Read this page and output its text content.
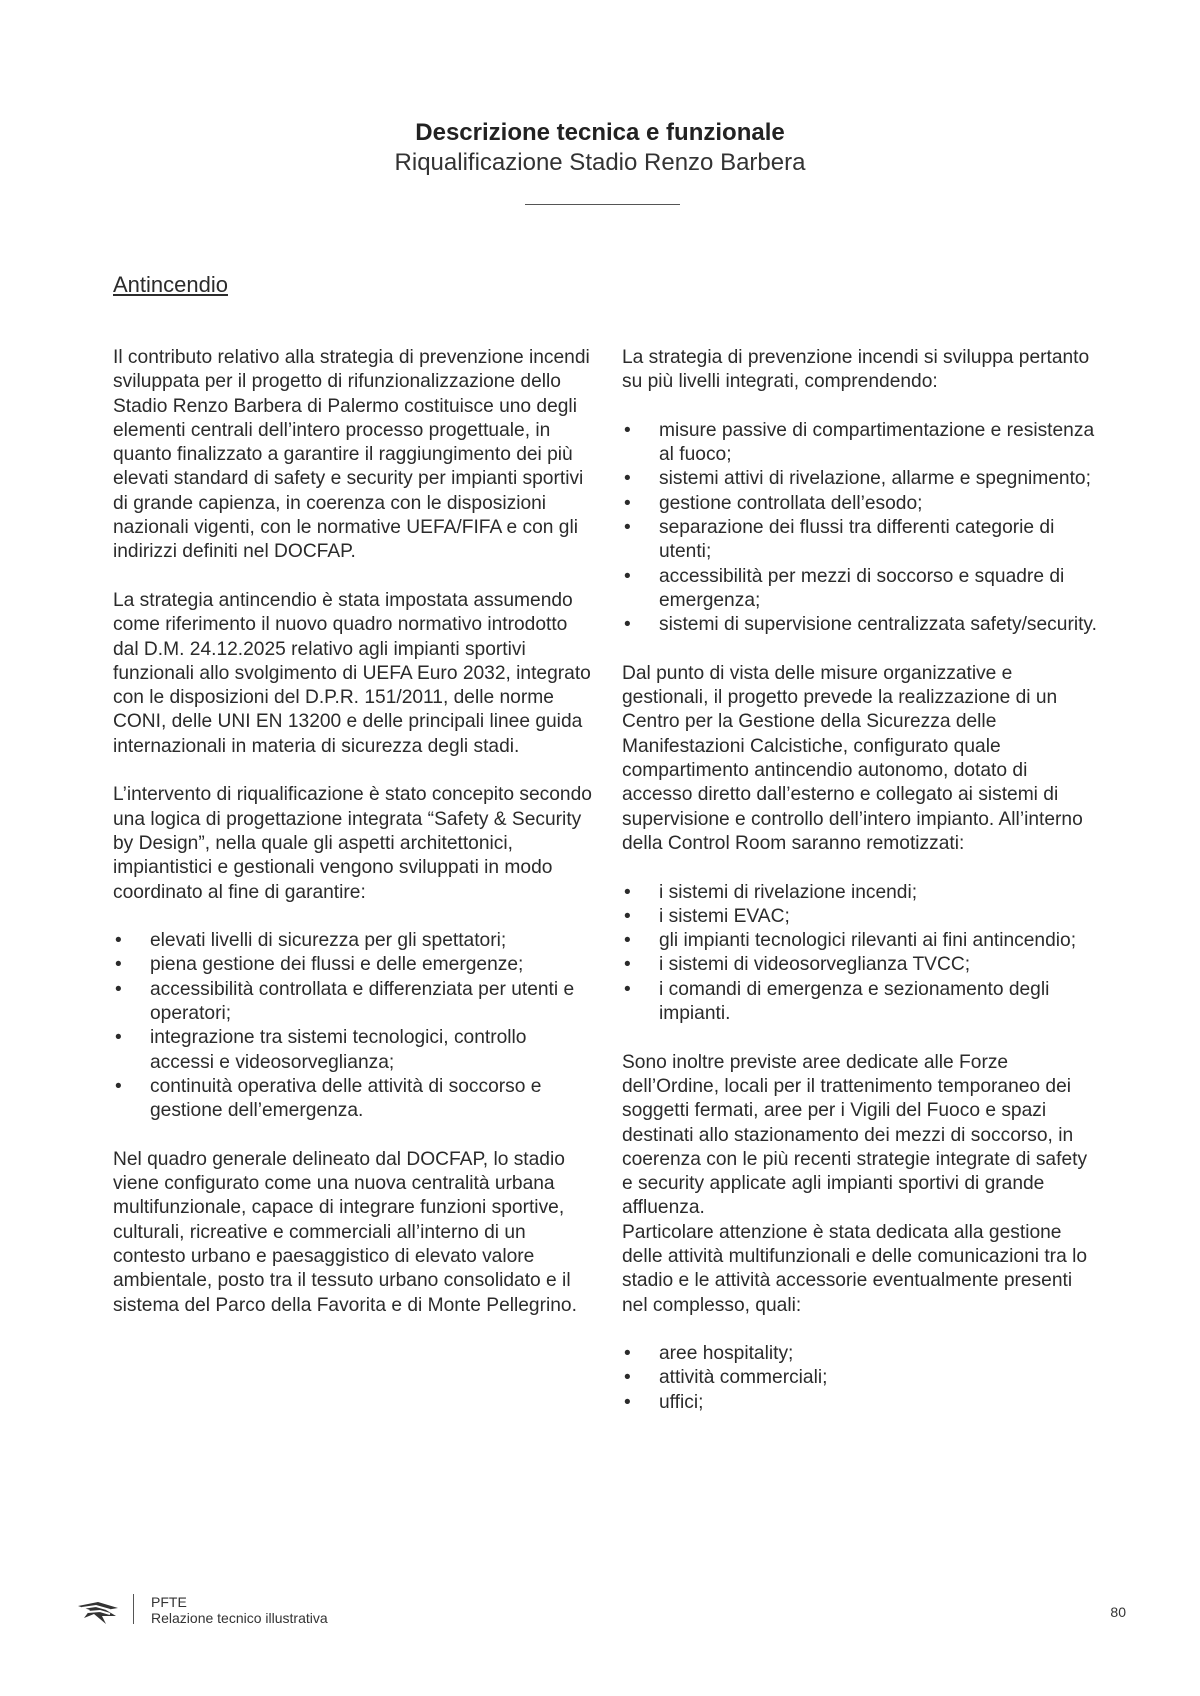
Descrizione tecnica e funzionale
Riqualificazione Stadio Renzo Barbera
Antincendio

Il contributo relativo alla strategia di prevenzione incendi sviluppata per il progetto di rifunzionalizzazione dello Stadio Renzo Barbera di Palermo costituisce uno degli elementi centrali dell’intero processo progettuale, in quanto finalizzato a garantire il raggiungimento dei più elevati standard di safety e security per impianti sportivi di grande capienza, in coerenza con le disposizioni nazionali vigenti, con le normative UEFA/FIFA e con gli indirizzi definiti nel DOCFAP.

La strategia antincendio è stata impostata assumendo come riferimento il nuovo quadro normativo introdotto dal D.M. 24.12.2025 relativo agli impianti sportivi funzionali allo svolgimento di UEFA Euro 2032, integrato con le disposizioni del D.P.R. 151/2011, delle norme CONI, delle UNI EN 13200 e delle principali linee guida internazionali in materia di sicurezza degli stadi.

L’intervento di riqualificazione è stato concepito secondo una logica di progettazione integrata “Safety & Security by Design”, nella quale gli aspetti architettonici, impiantistici e gestionali vengono sviluppati in modo coordinato al fine di garantire:

• elevati livelli di sicurezza per gli spettatori;
• piena gestione dei flussi e delle emergenze;
• accessibilità controllata e differenziata per utenti e operatori;
• integrazione tra sistemi tecnologici, controllo accessi e videosorveglianza;
• continuità operativa delle attività di soccorso e gestione dell’emergenza.

Nel quadro generale delineato dal DOCFAP, lo stadio viene configurato come una nuova centralità urbana multifunzionale, capace di integrare funzioni sportive, culturali, ricreative e commerciali all’interno di un contesto urbano e paesaggistico di elevato valore ambientale, posto tra il tessuto urbano consolidato e il sistema del Parco della Favorita e di Monte Pellegrino.

La strategia di prevenzione incendi si sviluppa pertanto su più livelli integrati, comprendendo:

• misure passive di compartimentazione e resistenza al fuoco;
• sistemi attivi di rivelazione, allarme e spegnimento;
• gestione controllata dell’esodo;
• separazione dei flussi tra differenti categorie di utenti;
• accessibilità per mezzi di soccorso e squadre di emergenza;
• sistemi di supervisione centralizzata safety/security.

Dal punto di vista delle misure organizzative e gestionali, il progetto prevede la realizzazione di un Centro per la Gestione della Sicurezza delle Manifestazioni Calcistiche, configurato quale compartimento antincendio autonomo, dotato di accesso diretto dall’esterno e collegato ai sistemi di supervisione e controllo dell’intero impianto. All’interno della Control Room saranno remotizzati:

• i sistemi di rivelazione incendi;
• i sistemi EVAC;
• gli impianti tecnologici rilevanti ai fini antincendio;
• i sistemi di videosorveglianza TVCC;
• i comandi di emergenza e sezionamento degli impianti.

Sono inoltre previste aree dedicate alle Forze dell’Ordine, locali per il trattenimento temporaneo dei soggetti fermati, aree per i Vigili del Fuoco e spazi destinati allo stazionamento dei mezzi di soccorso, in coerenza con le più recenti strategie integrate di safety e security applicate agli impianti sportivi di grande affluenza.

Particolare attenzione è stata dedicata alla gestione delle attività multifunzionali e delle comunicazioni tra lo stadio e le attività accessorie eventualmente presenti nel complesso, quali:

• aree hospitality;
• attività commerciali;
• uffici;
PFTE
Relazione tecnico illustrativa	80
